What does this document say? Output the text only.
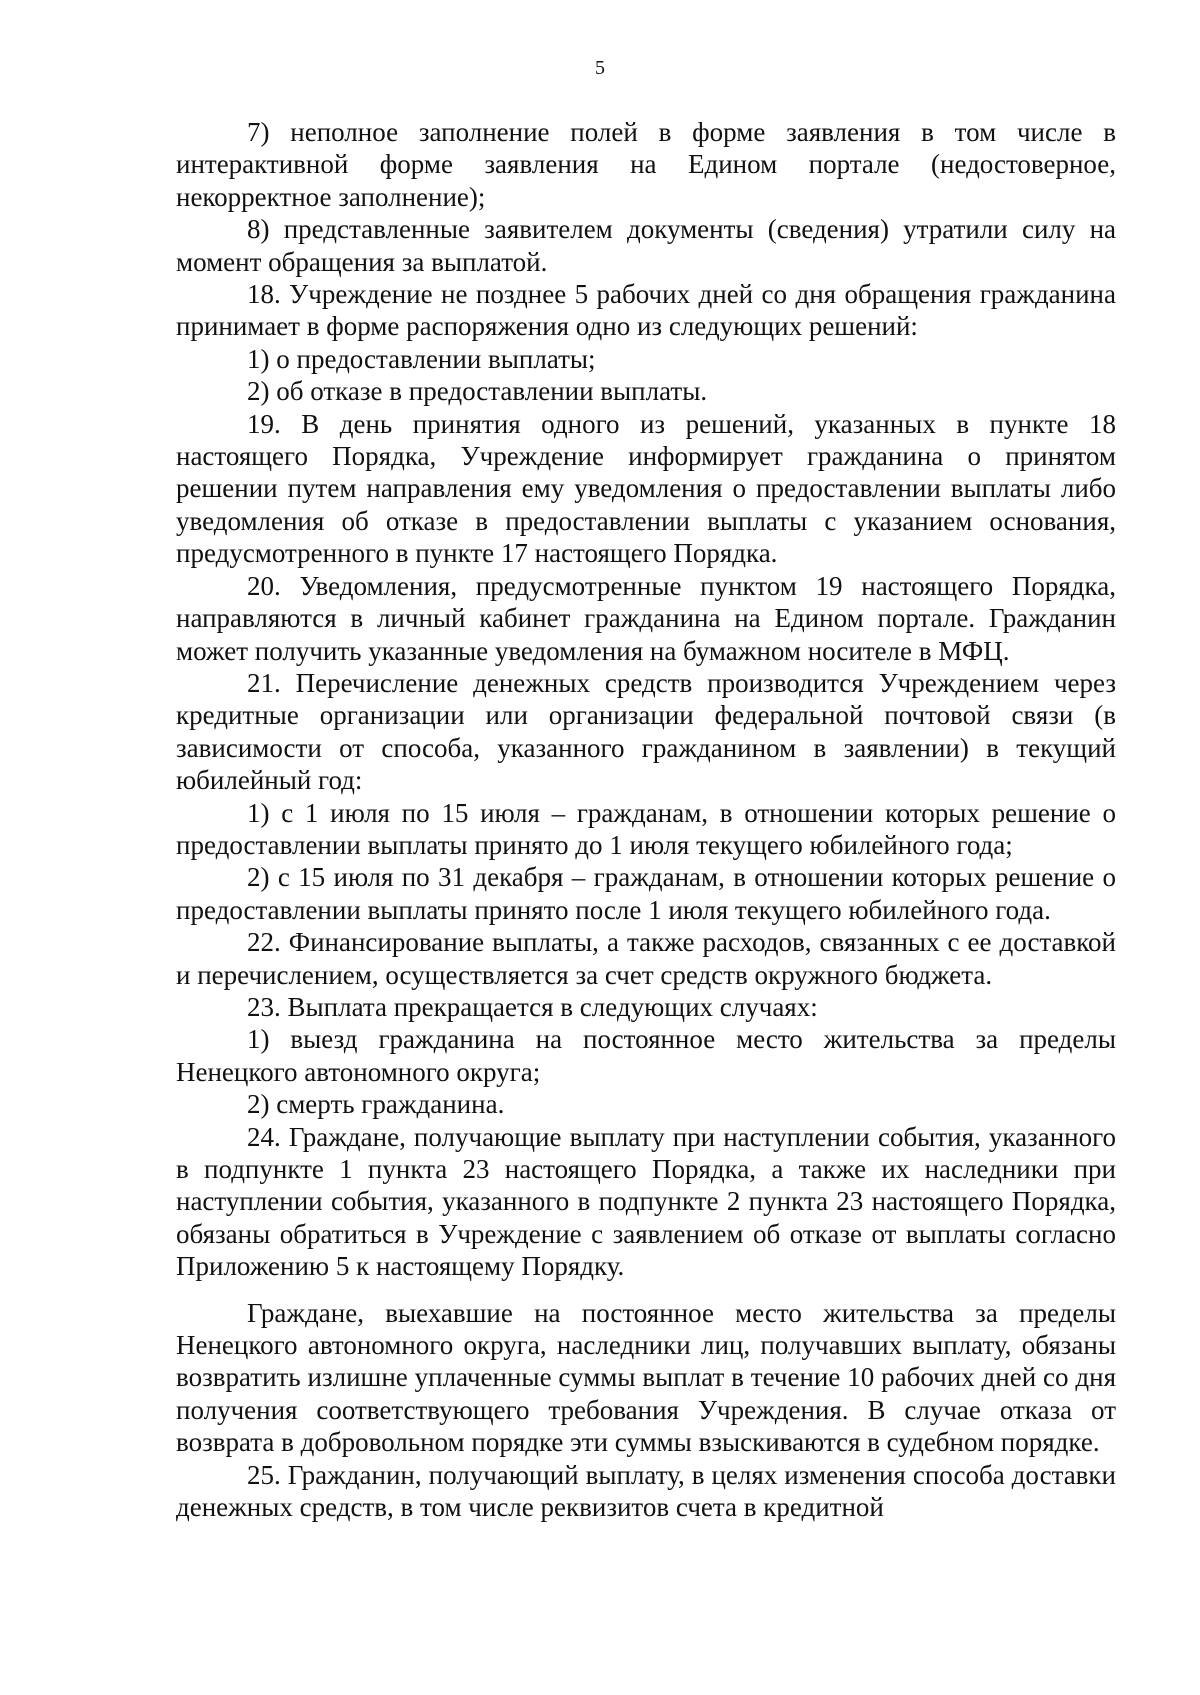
5

7) неполное заполнение полей в форме заявления в том числе в интерактивной форме заявления на Едином портале (недостоверное, некорректное заполнение);

8) представленные заявителем документы (сведения) утратили силу на момент обращения за выплатой.

18. Учреждение не позднее 5 рабочих дней со дня обращения гражданина принимает в форме распоряжения одно из следующих решений:

1) о предоставлении выплаты;

2) об отказе в предоставлении выплаты.

19. В день принятия одного из решений, указанных в пункте 18 настоящего Порядка, Учреждение информирует гражданина о принятом решении путем направления ему уведомления о предоставлении выплаты либо уведомления об отказе в предоставлении выплаты с указанием основания, предусмотренного в пункте 17 настоящего Порядка.

20. Уведомления, предусмотренные пунктом 19 настоящего Порядка, направляются в личный кабинет гражданина на Едином портале. Гражданин может получить указанные уведомления на бумажном носителе в МФЦ.

21. Перечисление денежных средств производится Учреждением через кредитные организации или организации федеральной почтовой связи (в зависимости от способа, указанного гражданином в заявлении) в текущий юбилейный год:

1) с 1 июля по 15 июля – гражданам, в отношении которых решение о предоставлении выплаты принято до 1 июля текущего юбилейного года;

2) с 15 июля по 31 декабря – гражданам, в отношении которых решение о предоставлении выплаты принято после 1 июля текущего юбилейного года.

22. Финансирование выплаты, а также расходов, связанных с ее доставкой и перечислением, осуществляется за счет средств окружного бюджета.

23. Выплата прекращается в следующих случаях:

1) выезд гражданина на постоянное место жительства за пределы Ненецкого автономного округа;

2) смерть гражданина.

24. Граждане, получающие выплату при наступлении события, указанного в подпункте 1 пункта 23 настоящего Порядка, а также их наследники при наступлении события, указанного в подпункте 2 пункта 23 настоящего Порядка, обязаны обратиться в Учреждение с заявлением об отказе от выплаты согласно Приложению 5 к настоящему Порядку.

Граждане, выехавшие на постоянное место жительства за пределы Ненецкого автономного округа, наследники лиц, получавших выплату, обязаны возвратить излишне уплаченные суммы выплат в течение 10 рабочих дней со дня получения соответствующего требования Учреждения. В случае отказа от возврата в добровольном порядке эти суммы взыскиваются в судебном порядке.

25. Гражданин, получающий выплату, в целях изменения способа доставки денежных средств, в том числе реквизитов счета в кредитной
